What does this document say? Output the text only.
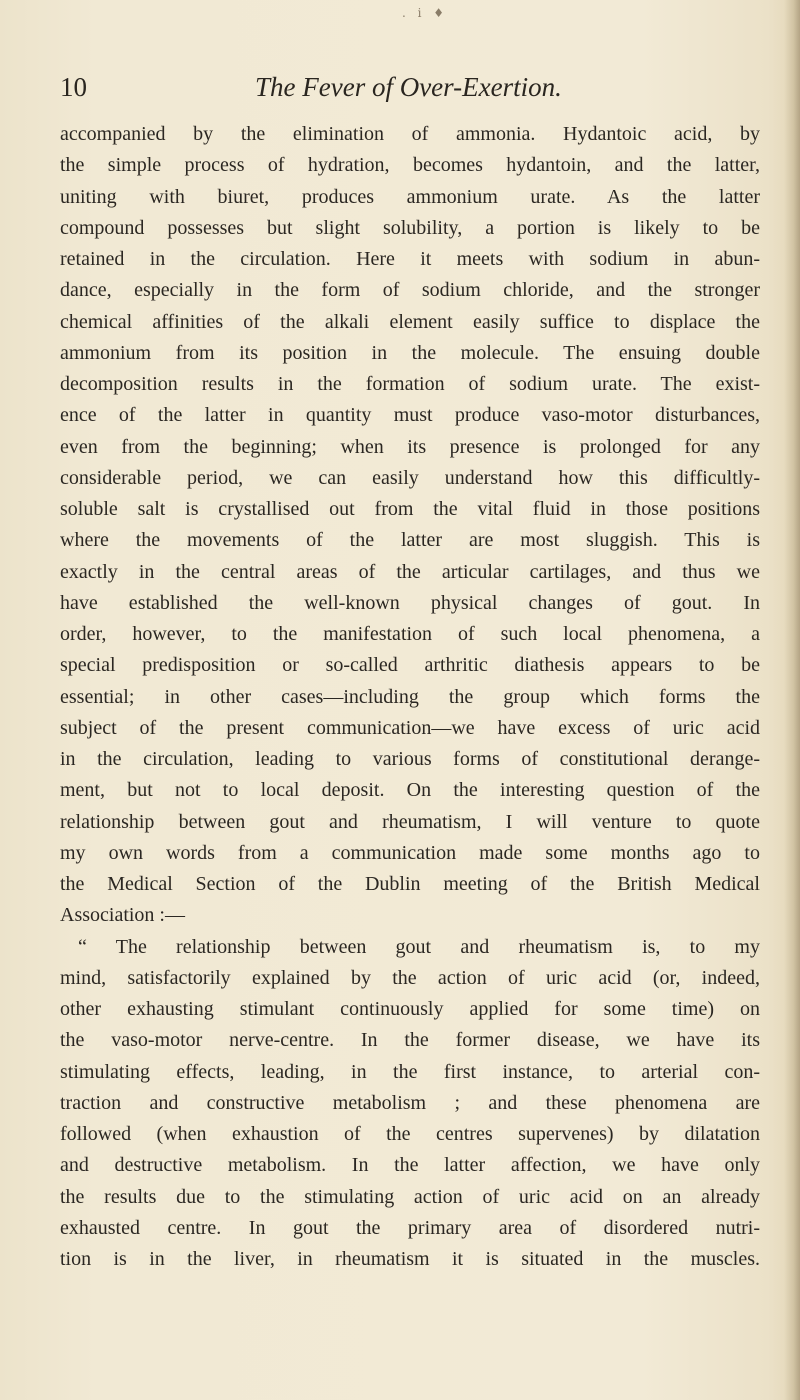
. i ♦
10	The Fever of Over-Exertion.
accompanied by the elimination of ammonia. Hydantoic acid, by
the simple process of hydration, becomes hydantoin, and the latter,
uniting with biuret, produces ammonium urate. As the latter
compound possesses but slight solubility, a portion is likely to be
retained in the circulation. Here it meets with sodium in abun-
dance, especially in the form of sodium chloride, and the stronger
chemical affinities of the alkali element easily suffice to displace the
ammonium from its position in the molecule. The ensuing double
decomposition results in the formation of sodium urate. The exist-
ence of the latter in quantity must produce vaso-motor disturbances,
even from the beginning; when its presence is prolonged for any
considerable period, we can easily understand how this difficultly-
soluble salt is crystallised out from the vital fluid in those positions
where the movements of the latter are most sluggish. This is
exactly in the central areas of the articular cartilages, and thus we
have established the well-known physical changes of gout. In
order, however, to the manifestation of such local phenomena, a
special predisposition or so-called arthritic diathesis appears to be
essential; in other cases—including the group which forms the
subject of the present communication—we have excess of uric acid
in the circulation, leading to various forms of constitutional derange-
ment, but not to local deposit. On the interesting question of the
relationship between gout and rheumatism, I will venture to quote
my own words from a communication made some months ago to
the Medical Section of the Dublin meeting of the British Medical
Association :—
“ The relationship between gout and rheumatism is, to my
mind, satisfactorily explained by the action of uric acid (or, indeed,
other exhausting stimulant continuously applied for some time) on
the vaso-motor nerve-centre. In the former disease, we have its
stimulating effects, leading, in the first instance, to arterial con-
traction and constructive metabolism ; and these phenomena are
followed (when exhaustion of the centres supervenes) by dilatation
and destructive metabolism. In the latter affection, we have only
the results due to the stimulating action of uric acid on an already
exhausted centre. In gout the primary area of disordered nutri-
tion is in the liver, in rheumatism it is situated in the muscles.
